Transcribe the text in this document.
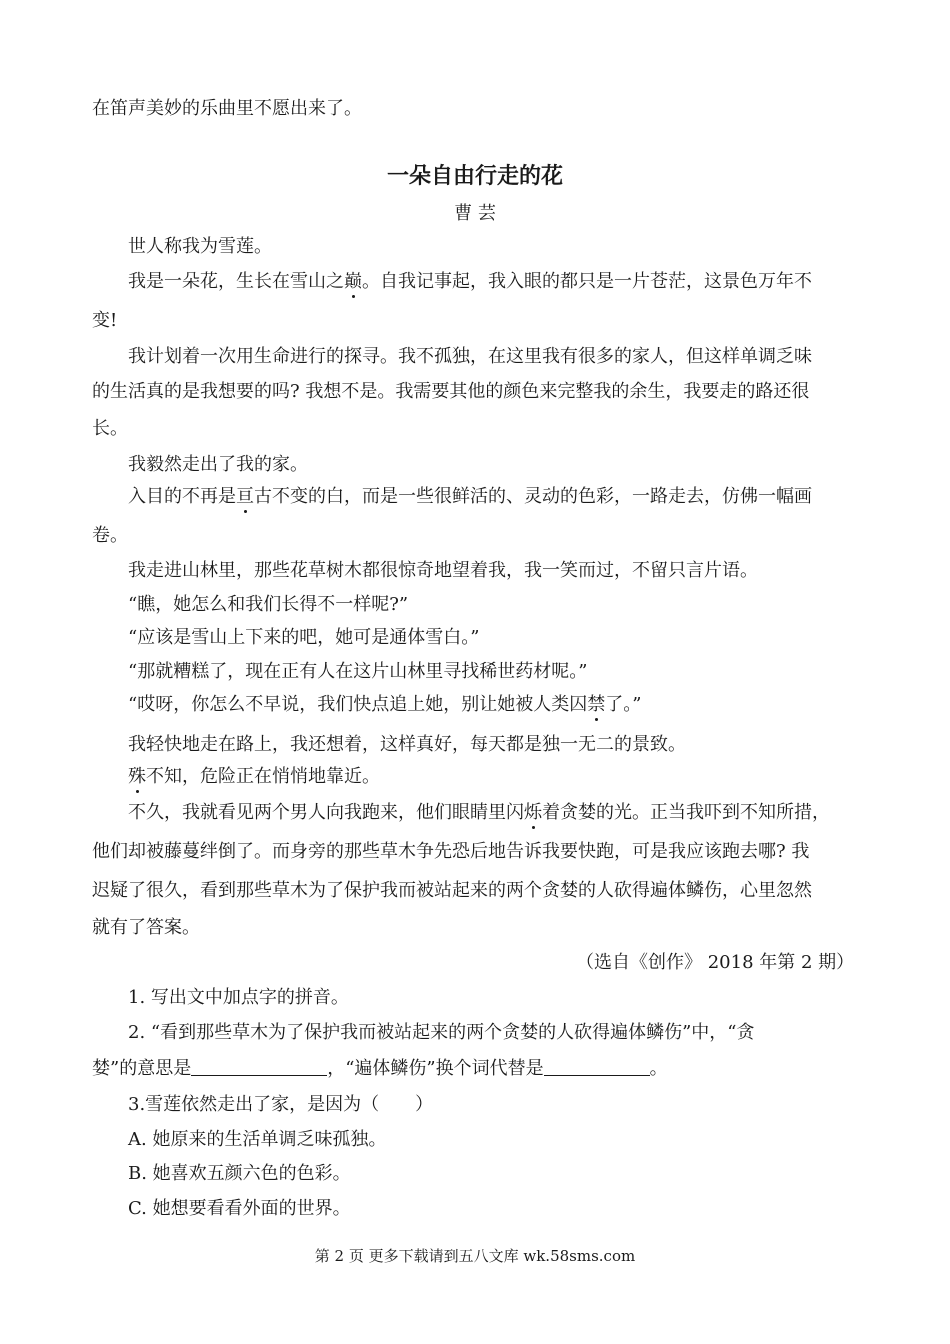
在笛声美妙的乐曲里不愿出来了。
一朵自由行走的花
曹 芸
世人称我为雪莲。
我是一朵花，生长在雪山之巅。自我记事起，我入眼的都只是一片苍茫，这景色万年不
变!
我计划着一次用生命进行的探寻。我不孤独，在这里我有很多的家人，但这样单调乏味
的生活真的是我想要的吗? 我想不是。我需要其他的颜色来完整我的余生，我要走的路还很
长。
我毅然走出了我的家。
入目的不再是亘古不变的白，而是一些很鲜活的、灵动的色彩，一路走去，仿佛一幅画
卷。
我走进山林里，那些花草树木都很惊奇地望着我，我一笑而过，不留只言片语。
“瞧，她怎么和我们长得不一样呢?”
“应该是雪山上下来的吧，她可是通体雪白。”
“那就糟糕了，现在正有人在这片山林里寻找稀世药材呢。”
“哎呀，你怎么不早说，我们快点追上她，别让她被人类囚禁了。”
我轻快地走在路上，我还想着，这样真好，每天都是独一无二的景致。
殊不知，危险正在悄悄地靠近。
不久，我就看见两个男人向我跑来，他们眼睛里闪烁着贪婪的光。正当我吓到不知所措，
他们却被藤蔓绊倒了。而身旁的那些草木争先恐后地告诉我要快跑，可是我应该跑去哪? 我
迟疑了很久，看到那些草木为了保护我而被站起来的两个贪婪的人砍得遍体鳞伤，心里忽然
就有了答案。
（选自《创作》 2018 年第 2 期）
1. 写出文中加点字的拼音。
2. “看到那些草木为了保护我而被站起来的两个贪婪的人砍得遍体鳞伤”中，“贪
婪”的意思是	，“遍体鳞伤”换个词代替是	。
3.雪莲依然走出了家，是因为（　　）
A. 她原来的生活单调乏味孤独。
B. 她喜欢五颜六色的色彩。
C. 她想要看看外面的世界。
第 2 页 更多下载请到五八文库 wk.58sms.com
